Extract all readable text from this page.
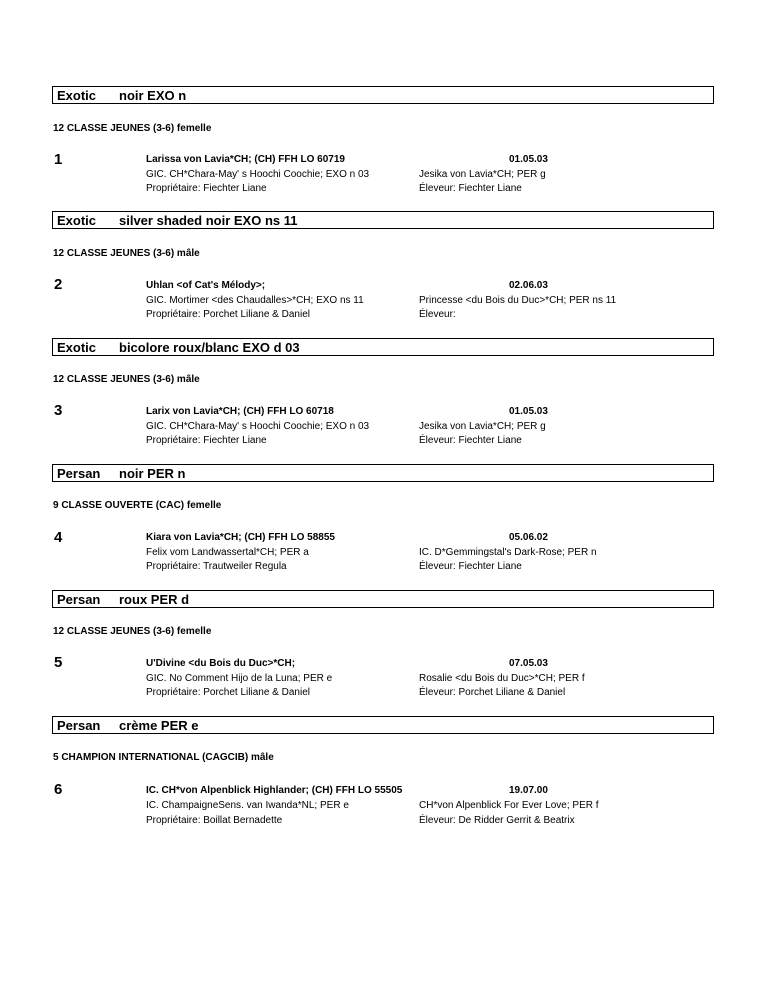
Exotic noir EXO n
12 CLASSE JEUNES (3-6) femelle
1	Larissa von Lavia*CH; (CH) FFH LO 60719	01.05.03
GIC. CH*Chara-May' s Hoochi Coochie; EXO n 03	Jesika von Lavia*CH; PER g
Propriétaire: Fiechter Liane	Éleveur: Fiechter Liane
Exotic silver shaded noir EXO ns 11
12 CLASSE JEUNES (3-6) mâle
2	Uhlan <of Cat's Mélody>;	02.06.03
GIC. Mortimer <des Chaudalles>*CH; EXO ns 11	Princesse <du Bois du Duc>*CH; PER ns 11
Propriétaire: Porchet Liliane & Daniel	Éleveur:
Exotic bicolore roux/blanc EXO d 03
12 CLASSE JEUNES (3-6) mâle
3	Larix von Lavia*CH; (CH) FFH LO 60718	01.05.03
GIC. CH*Chara-May' s Hoochi Coochie; EXO n 03	Jesika von Lavia*CH; PER g
Propriétaire: Fiechter Liane	Éleveur: Fiechter Liane
Persan noir PER n
9 CLASSE OUVERTE (CAC) femelle
4	Kiara von Lavia*CH; (CH) FFH LO 58855	05.06.02
Felix vom Landwassertal*CH; PER a	IC. D*Gemmingstal's Dark-Rose; PER n
Propriétaire: Trautweiler Regula	Éleveur: Fiechter Liane
Persan roux PER d
12 CLASSE JEUNES (3-6) femelle
5	U'Divine <du Bois du Duc>*CH;	07.05.03
GIC. No Comment Hijo de la Luna; PER e	Rosalie <du Bois du Duc>*CH; PER f
Propriétaire: Porchet Liliane & Daniel	Éleveur: Porchet Liliane & Daniel
Persan crème PER e
5 CHAMPION INTERNATIONAL (CAGCIB) mâle
6	IC. CH*von Alpenblick Highlander; (CH) FFH LO 55505	19.07.00
IC. ChampaigneSens. van Iwanda*NL; PER e	CH*von Alpenblick For Ever Love; PER f
Propriétaire: Boillat Bernadette	Éleveur: De Ridder Gerrit & Beatrix
